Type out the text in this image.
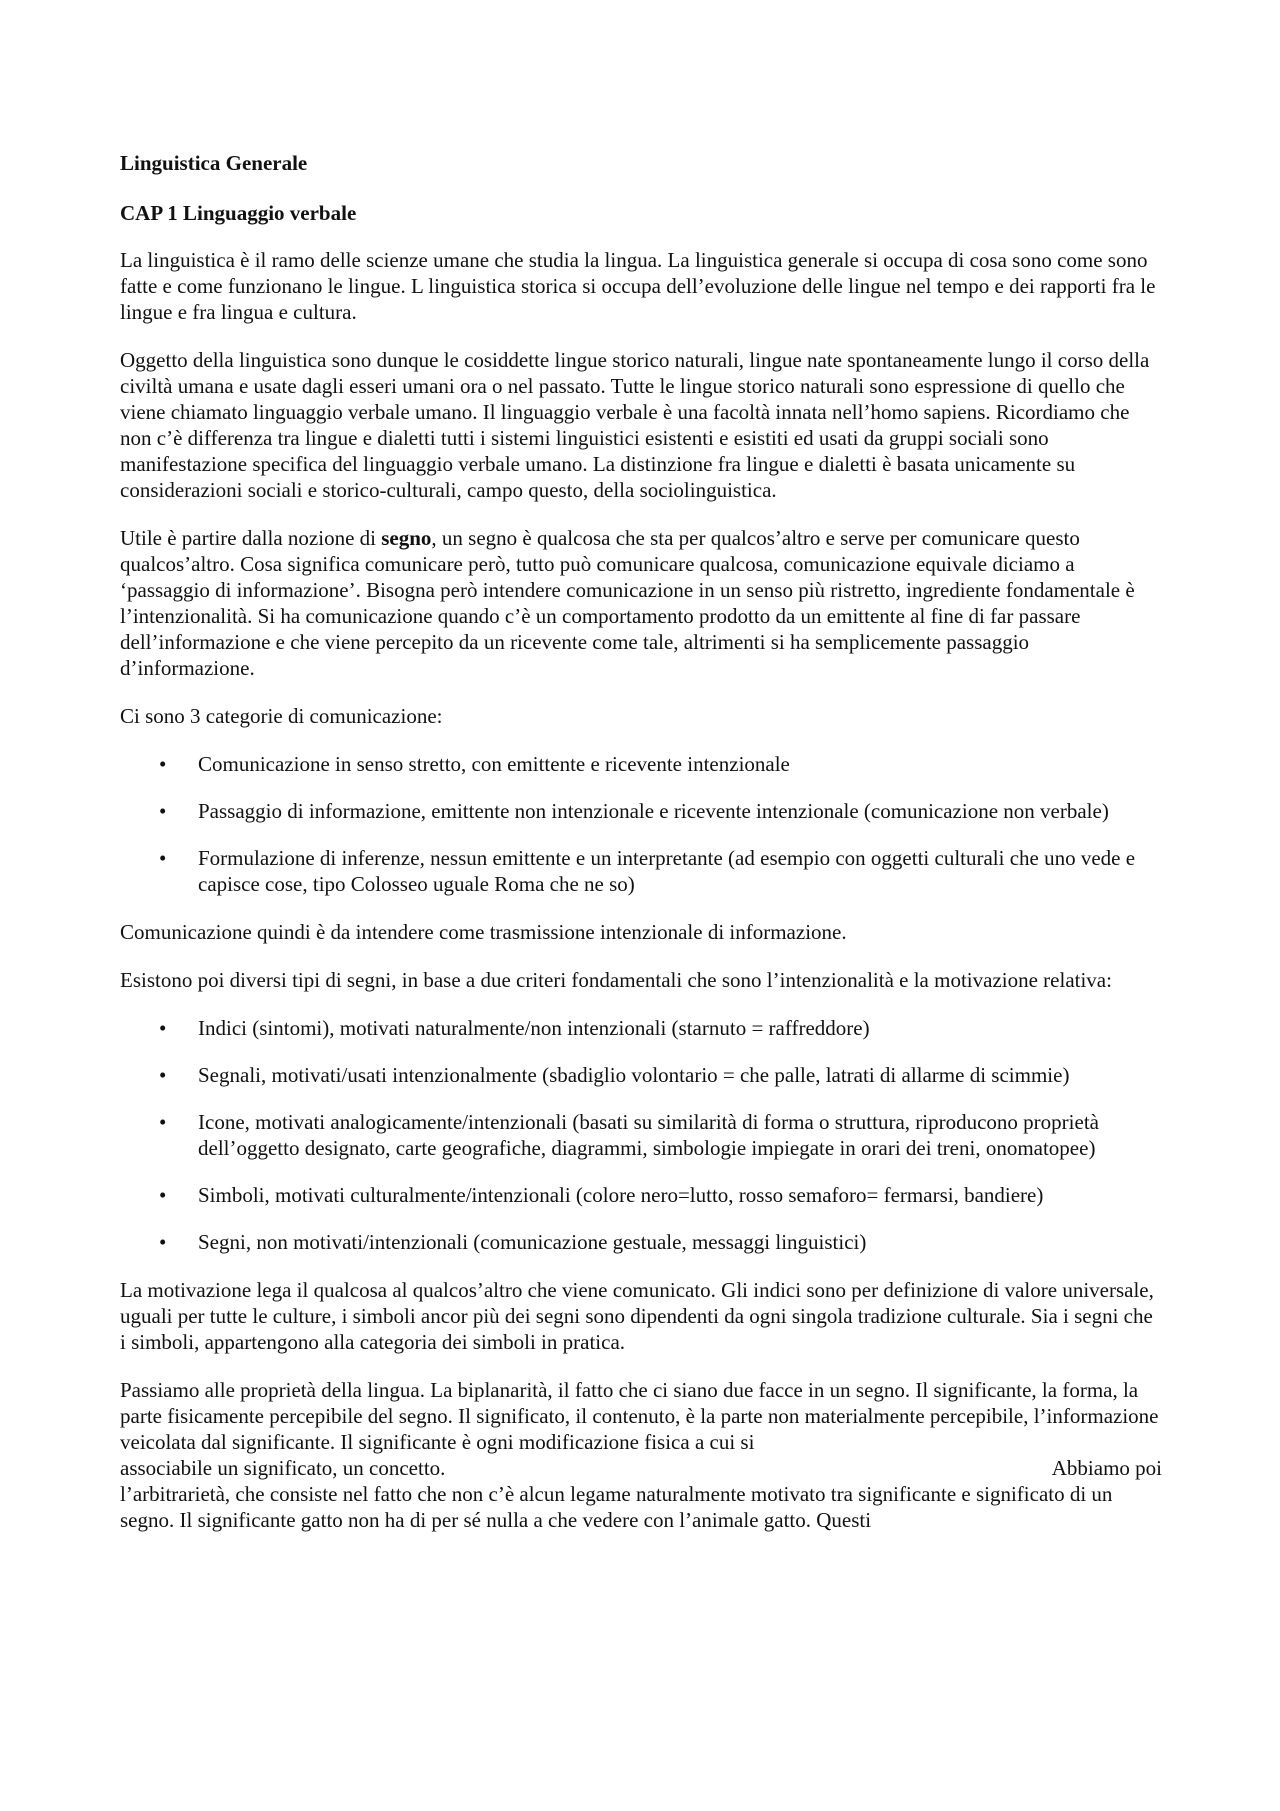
Linguistica Generale
CAP 1 Linguaggio verbale

La linguistica è il ramo delle scienze umane che studia la lingua. La linguistica generale si occupa di cosa sono come sono fatte e come funzionano le lingue. L linguistica storica si occupa dell’evoluzione delle lingue nel tempo e dei rapporti fra le lingue e fra lingua e cultura.

Oggetto della linguistica sono dunque le cosiddette lingue storico naturali, lingue nate spontaneamente lungo il corso della civiltà umana e usate dagli esseri umani ora o nel passato. Tutte le lingue storico naturali sono espressione di quello che viene chiamato linguaggio verbale umano. Il linguaggio verbale è una facoltà innata nell’homo sapiens. Ricordiamo che non c’è differenza tra lingue e dialetti tutti i sistemi linguistici esistenti e esistiti ed usati da gruppi sociali sono manifestazione specifica del linguaggio verbale umano. La distinzione fra lingue e dialetti è basata unicamente su considerazioni sociali e storico-culturali, campo questo, della sociolinguistica.

Utile è partire dalla nozione di segno, un segno è qualcosa che sta per qualcos’altro e serve per comunicare questo qualcos’altro. Cosa significa comunicare però, tutto può comunicare qualcosa, comunicazione equivale diciamo a ‘passaggio di informazione’. Bisogna però intendere comunicazione in un senso più ristretto, ingrediente fondamentale è l’intenzionalità. Si ha comunicazione quando c’è un comportamento prodotto da un emittente al fine di far passare dell’informazione e che viene percepito da un ricevente come tale, altrimenti si ha semplicemente passaggio d’informazione.

Ci sono 3 categorie di comunicazione:

• Comunicazione in senso stretto, con emittente e ricevente intenzionale
• Passaggio di informazione, emittente non intenzionale e ricevente intenzionale (comunicazione non verbale)
• Formulazione di inferenze, nessun emittente e un interpretante (ad esempio con oggetti culturali che uno vede e capisce cose, tipo Colosseo uguale Roma che ne so)

Comunicazione quindi è da intendere come trasmissione intenzionale di informazione.

Esistono poi diversi tipi di segni, in base a due criteri fondamentali che sono l’intenzionalità e la motivazione relativa:

• Indici (sintomi), motivati naturalmente/non intenzionali (starnuto = raffreddore)
• Segnali, motivati/usati intenzionalmente (sbadiglio volontario = che palle, latrati di allarme di scimmie)
• Icone, motivati analogicamente/intenzionali (basati su similarità di forma o struttura, riproducono proprietà dell’oggetto designato, carte geografiche, diagrammi, simbologie impiegate in orari dei treni, onomatopee)
• Simboli, motivati culturalmente/intenzionali (colore nero=lutto, rosso semaforo= fermarsi, bandiere)
• Segni, non motivati/intenzionali (comunicazione gestuale, messaggi linguistici)

La motivazione lega il qualcosa al qualcos’altro che viene comunicato. Gli indici sono per definizione di valore universale, uguali per tutte le culture, i simboli ancor più dei segni sono dipendenti da ogni singola tradizione culturale. Sia i segni che i simboli, appartengono alla categoria dei simboli in pratica.

Passiamo alle proprietà della lingua. La biplanarità, il fatto che ci siano due facce in un segno. Il significante, la forma, la parte fisicamente percepibile del segno. Il significato, il contenuto, è la parte non materialmente percepibile, l’informazione veicolata dal significante. Il significante è ogni modificazione fisica a cui si
associabile un significato, un concetto.	Abbiamo poi
l’arbitrarietà, che consiste nel fatto che non c’è alcun legame naturalmente motivato tra significante e significato di un segno. Il significante gatto non ha di per sé nulla a che vedere con l’animale gatto. Questi
